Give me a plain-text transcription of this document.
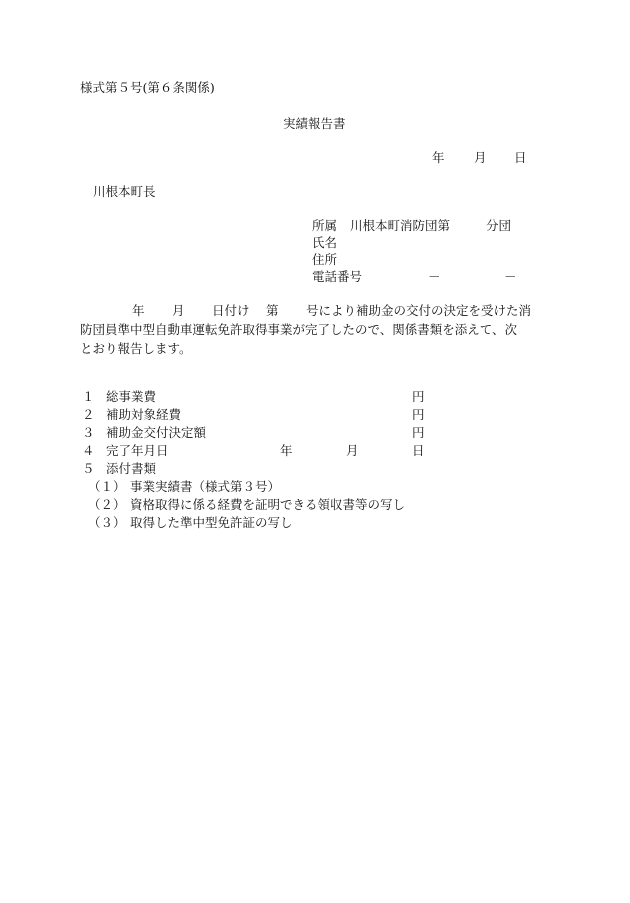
様式第５号(第６条関係)
実績報告書
年 月 日
川根本町長
所属 川根本町消防団第	分団
氏名
住所
電話番号	－	－
年 月 日付け 第 号により補助金の交付の決定を受けた消
防団員準中型自動車運転免許取得事業が完了したので、関係書類を添えて、次
とおり報告します。
１ 総事業費	円
２ 補助対象経費	円
３ 補助金交付決定額	円
４ 完了年月日	年	月	日
５ 添付書類
（１） 事業実績書（様式第３号）
（２） 資格取得に係る経費を証明できる領収書等の写し
（３） 取得した準中型免許証の写し
